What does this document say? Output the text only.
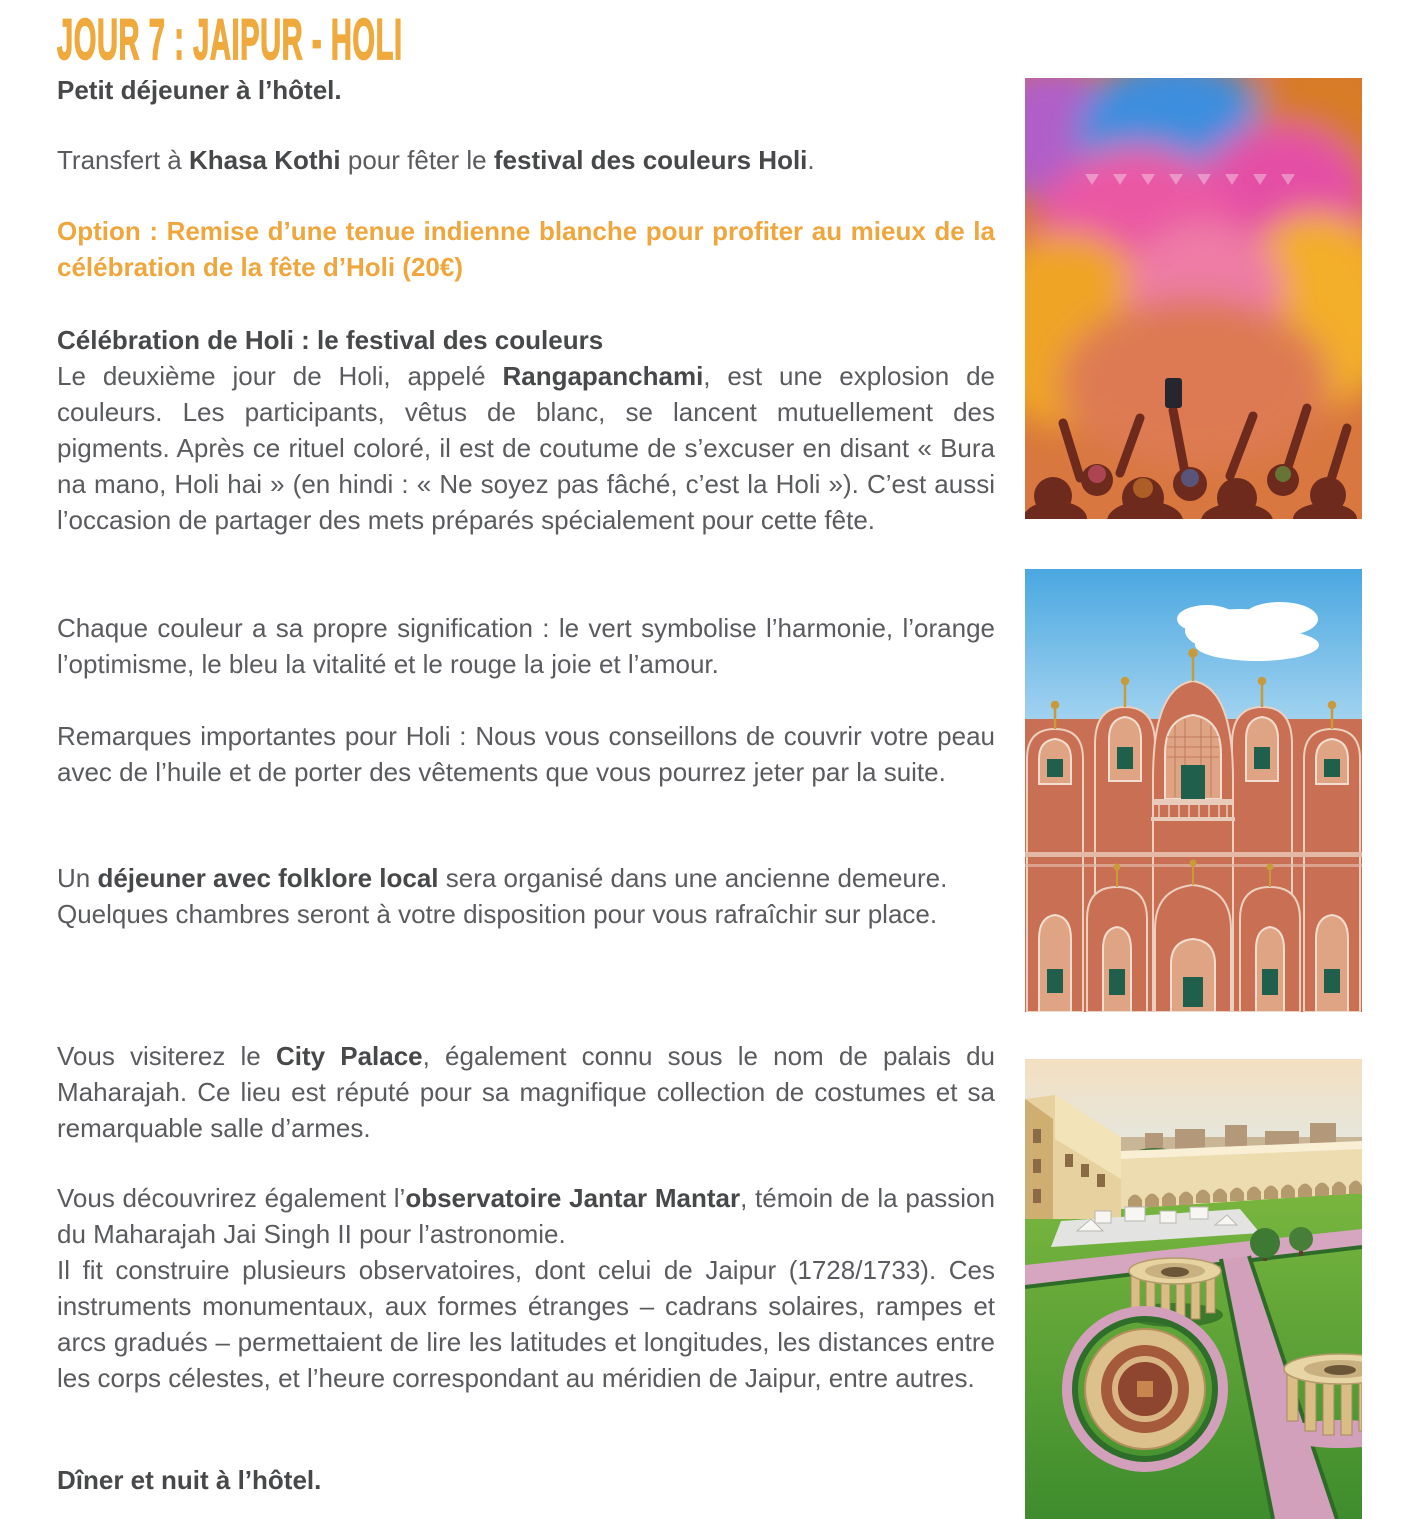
JOUR 7 : JAIPUR - HOLI
Petit déjeuner à l’hôtel.
Transfert à Khasa Kothi pour fêter le festival des couleurs Holi.
Option : Remise d’une tenue indienne blanche pour profiter au mieux de la célébration de la fête d’Holi (20€)
Célébration de Holi : le festival des couleurs
Le deuxième jour de Holi, appelé Rangapanchami, est une explosion de couleurs. Les participants, vêtus de blanc, se lancent mutuellement des pigments. Après ce rituel coloré, il est de coutume de s’excuser en disant « Bura na mano, Holi hai » (en hindi : « Ne soyez pas fâché, c’est la Holi »). C’est aussi l’occasion de partager des mets préparés spécialement pour cette fête.
Chaque couleur a sa propre signification : le vert symbolise l’harmonie, l’orange l’optimisme, le bleu la vitalité et le rouge la joie et l’amour.
Remarques importantes pour Holi : Nous vous conseillons de couvrir votre peau avec de l’huile et de porter des vêtements que vous pourrez jeter par la suite.
Un déjeuner avec folklore local sera organisé dans une ancienne demeure.
Quelques chambres seront à votre disposition pour vous rafraîchir sur place.
Vous visiterez le City Palace, également connu sous le nom de palais du Maharajah. Ce lieu est réputé pour sa magnifique collection de costumes et sa remarquable salle d’armes.
Vous découvrirez également l’observatoire Jantar Mantar, témoin de la passion du Maharajah Jai Singh II pour l’astronomie.
Il fit construire plusieurs observatoires, dont celui de Jaipur (1728/1733). Ces instruments monumentaux, aux formes étranges – cadrans solaires, rampes et arcs gradués – permettaient de lire les latitudes et longitudes, les distances entre les corps célestes, et l’heure correspondant au méridien de Jaipur, entre autres.
Dîner et nuit à l’hôtel.
